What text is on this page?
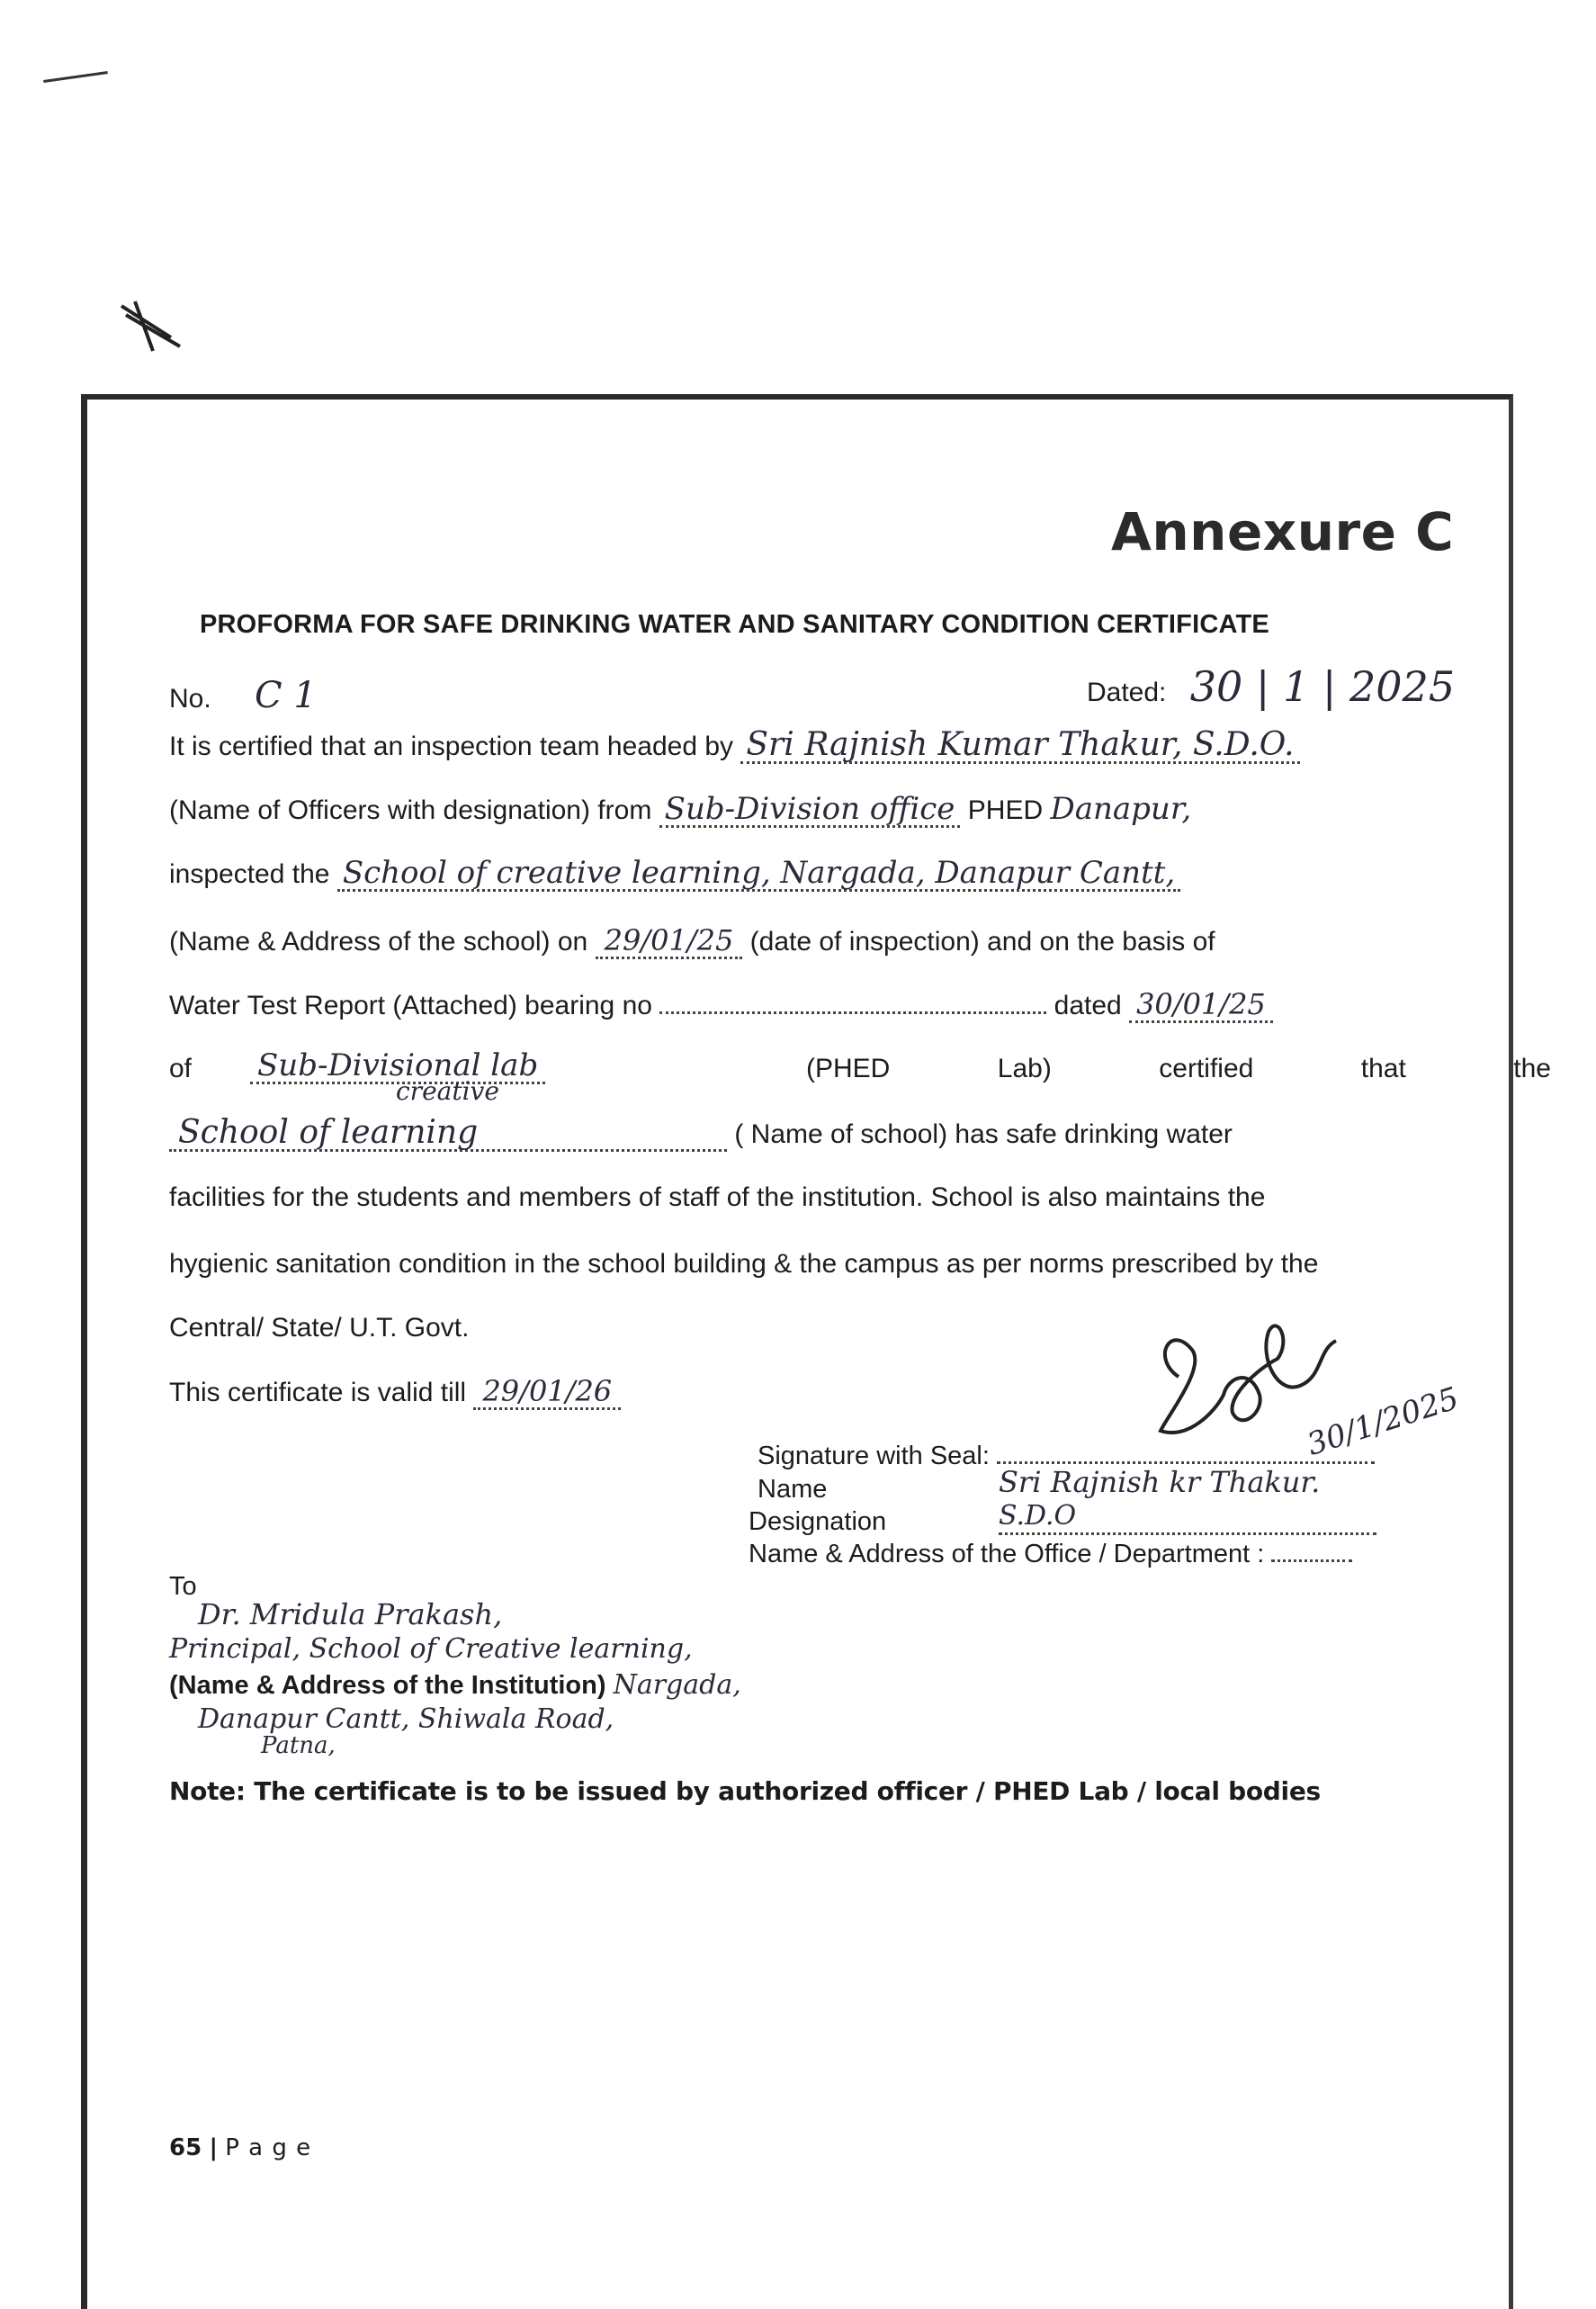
Annexure C
PROFORMA FOR SAFE DRINKING WATER AND SANITARY CONDITION CERTIFICATE
No. C 1	Dated: 30 | 1 | 2025
It is certified that an inspection team headed by Sri Rajnish Kumar Thakur, S.D.O.
(Name of Officers with designation) from Sub-Division office PHED Danapur,
inspected the School of creative learning, Nargada, Danapur Cantt,
(Name & Address of the school) on 29/01/25 (date of inspection) and on the basis of
Water Test Report (Attached) bearing no	dated 30/01/25
of Sub-Divisional lab	(PHED	Lab)	certified	that	the
creative
School of learning	( Name of school) has safe drinking water
facilities for the students and members of staff of the institution. School is also maintains the
hygienic sanitation condition in the school building & the campus as per norms prescribed by the
Central/ State/ U.T. Govt.
This certificate is valid till 29/01/26	30/1/2025
Signature with Seal:
Name	Sri Rajnish kr Thakur.
Designation	S.D.O
Name & Address of the Office / Department :
To
Dr. Mridula Prakash,
Principal, School of Creative learning,
(Name & Address of the Institution) Nargada,
Danapur Cantt, Shiwala Road,
Patna,
Note: The certificate is to be issued by authorized officer / PHED Lab / local bodies
65 | P a g e
